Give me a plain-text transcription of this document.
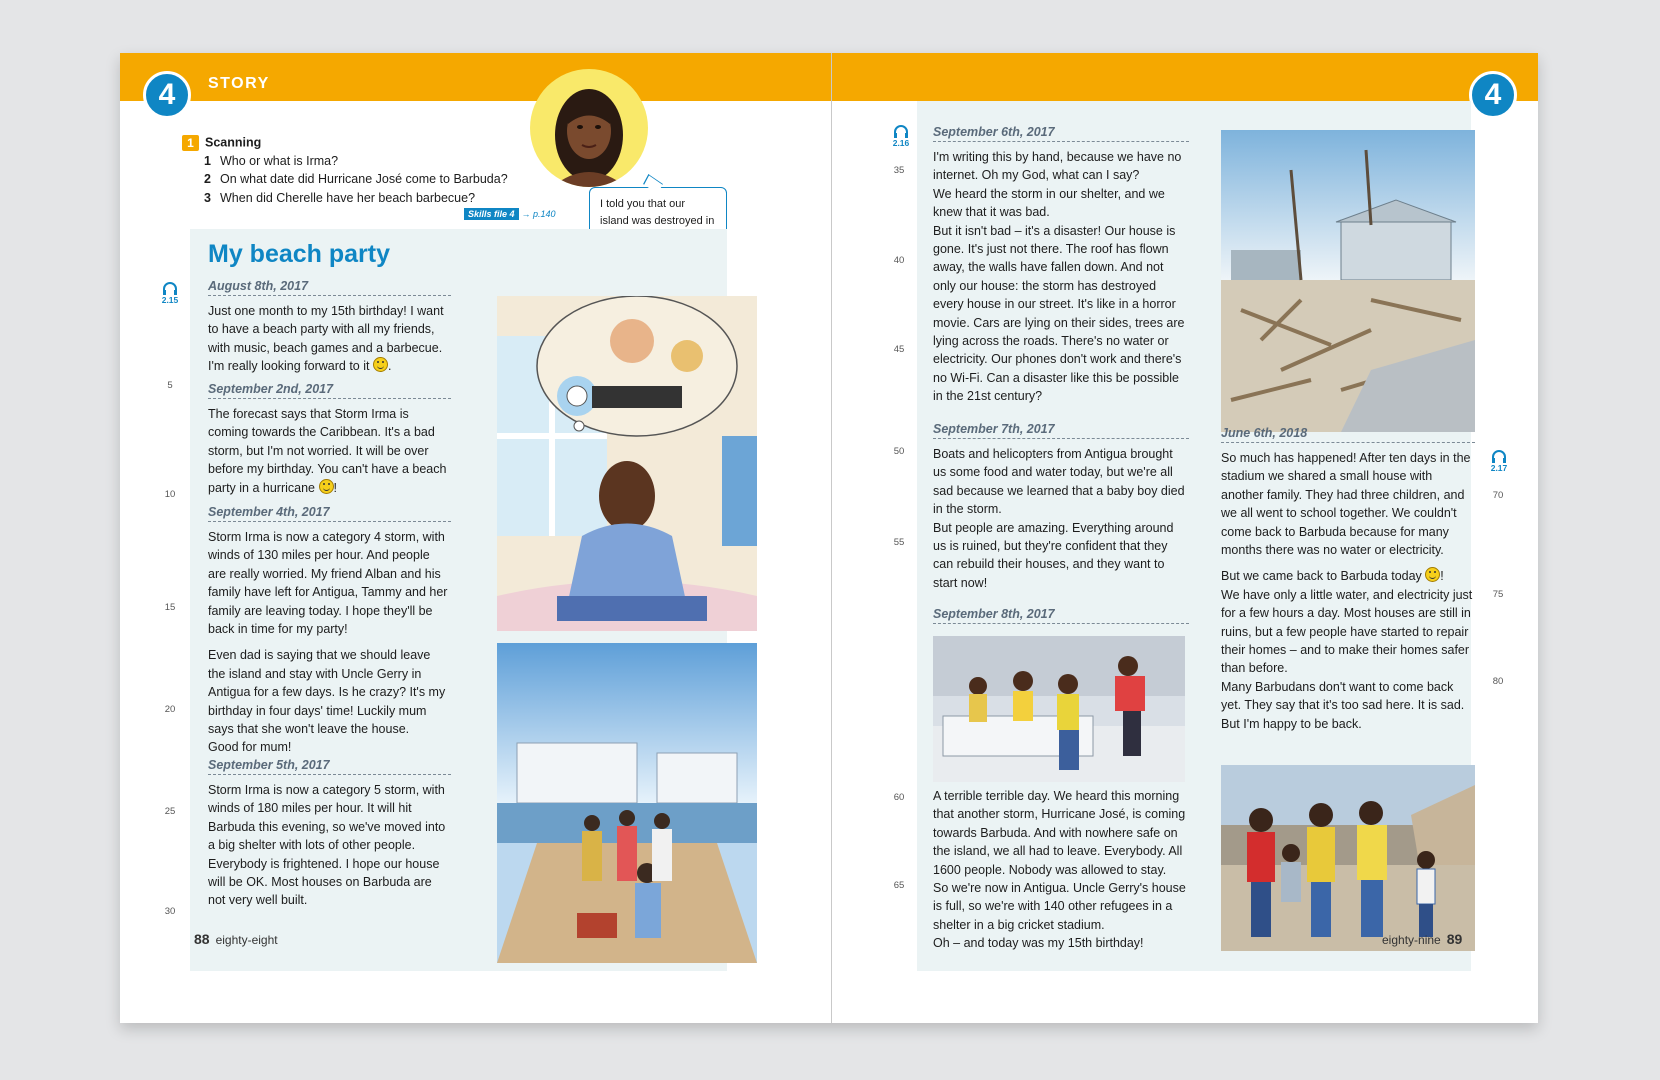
4	STORY
1 Scanning
1 Who or what is Irma?
2 On what date did Hurricane José come to Barbuda?
3 When did Cherelle have her beach barbecue?
Skills file 4 → p.140
I told you that our island was destroyed in
My beach party
2.15
August 8th, 2017

Just one month to my 15th birthday! I want to have a beach party with all my friends, with music, beach games and a barbecue. I'm really looking forward to it .

September 2nd, 2017

The forecast says that Storm Irma is coming towards the Caribbean. It's a bad storm, but I'm not worried. It will be over before my birthday. You can't have a beach party in a hurricane !

September 4th, 2017

Storm Irma is now a category 4 storm, with winds of 130 miles per hour. And people are really worried. My friend Alban and his family have left for Antigua, Tammy and her family are leaving today. I hope they'll be back in time for my party!

Even dad is saying that we should leave the island and stay with Uncle Gerry in Antigua for a few days. Is he crazy? It's my birthday in four days' time! Luckily mum says that she won't leave the house.

Good for mum!

September 5th, 2017

Storm Irma is now a category 5 storm, with winds of 180 miles per hour. It will hit Barbuda this evening, so we've moved into a big shelter with lots of other people. Everybody is frightened. I hope our house will be OK. Most houses on Barbuda are not very well built.

5
10
15
20
25
30
88 eighty-eight
4
2.16
2.17
September 6th, 2017

I'm writing this by hand, because we have no internet. Oh my God, what can I say?

We heard the storm in our shelter, and we knew that it was bad.

But it isn't bad – it's a disaster! Our house is gone. It's just not there. The roof has flown away, the walls have fallen down. And not only our house: the storm has destroyed every house in our street. It's like in a horror movie. Cars are lying on their sides, trees are lying across the roads. There's no water or electricity. Our phones don't work and there's no Wi-Fi. Can a disaster like this be possible in the 21st century?

September 7th, 2017

Boats and helicopters from Antigua brought us some food and water today, but we're all sad because we learned that a baby boy died in the storm.

But people are amazing. Everything around us is ruined, but they're confident that they can rebuild their houses, and they want to start now!

September 8th, 2017

A terrible terrible day. We heard this morning that another storm, Hurricane José, is coming towards Barbuda. And with nowhere safe on the island, we all had to leave. Everybody. All 1600 people. Nobody was allowed to stay.

So we're now in Antigua. Uncle Gerry's house is full, so we're with 140 other refugees in a shelter in a big cricket stadium.

Oh – and today was my 15th birthday!

June 6th, 2018

So much has happened! After ten days in the stadium we shared a small house with another family. They had three children, and we all went to school together. We couldn't come back to Barbuda because for many months there was no water or electricity.

But we came back to Barbuda today !

We have only a little water, and electricity just for a few hours a day. Most houses are still in ruins, but a few people have started to repair their homes – and to make their homes safer than before.

Many Barbudans don't want to come back yet. They say that it's too sad here. It is sad. But I'm happy to be back.

35
40
45
50
55
60
65
70
75
80
eighty-nine 89
